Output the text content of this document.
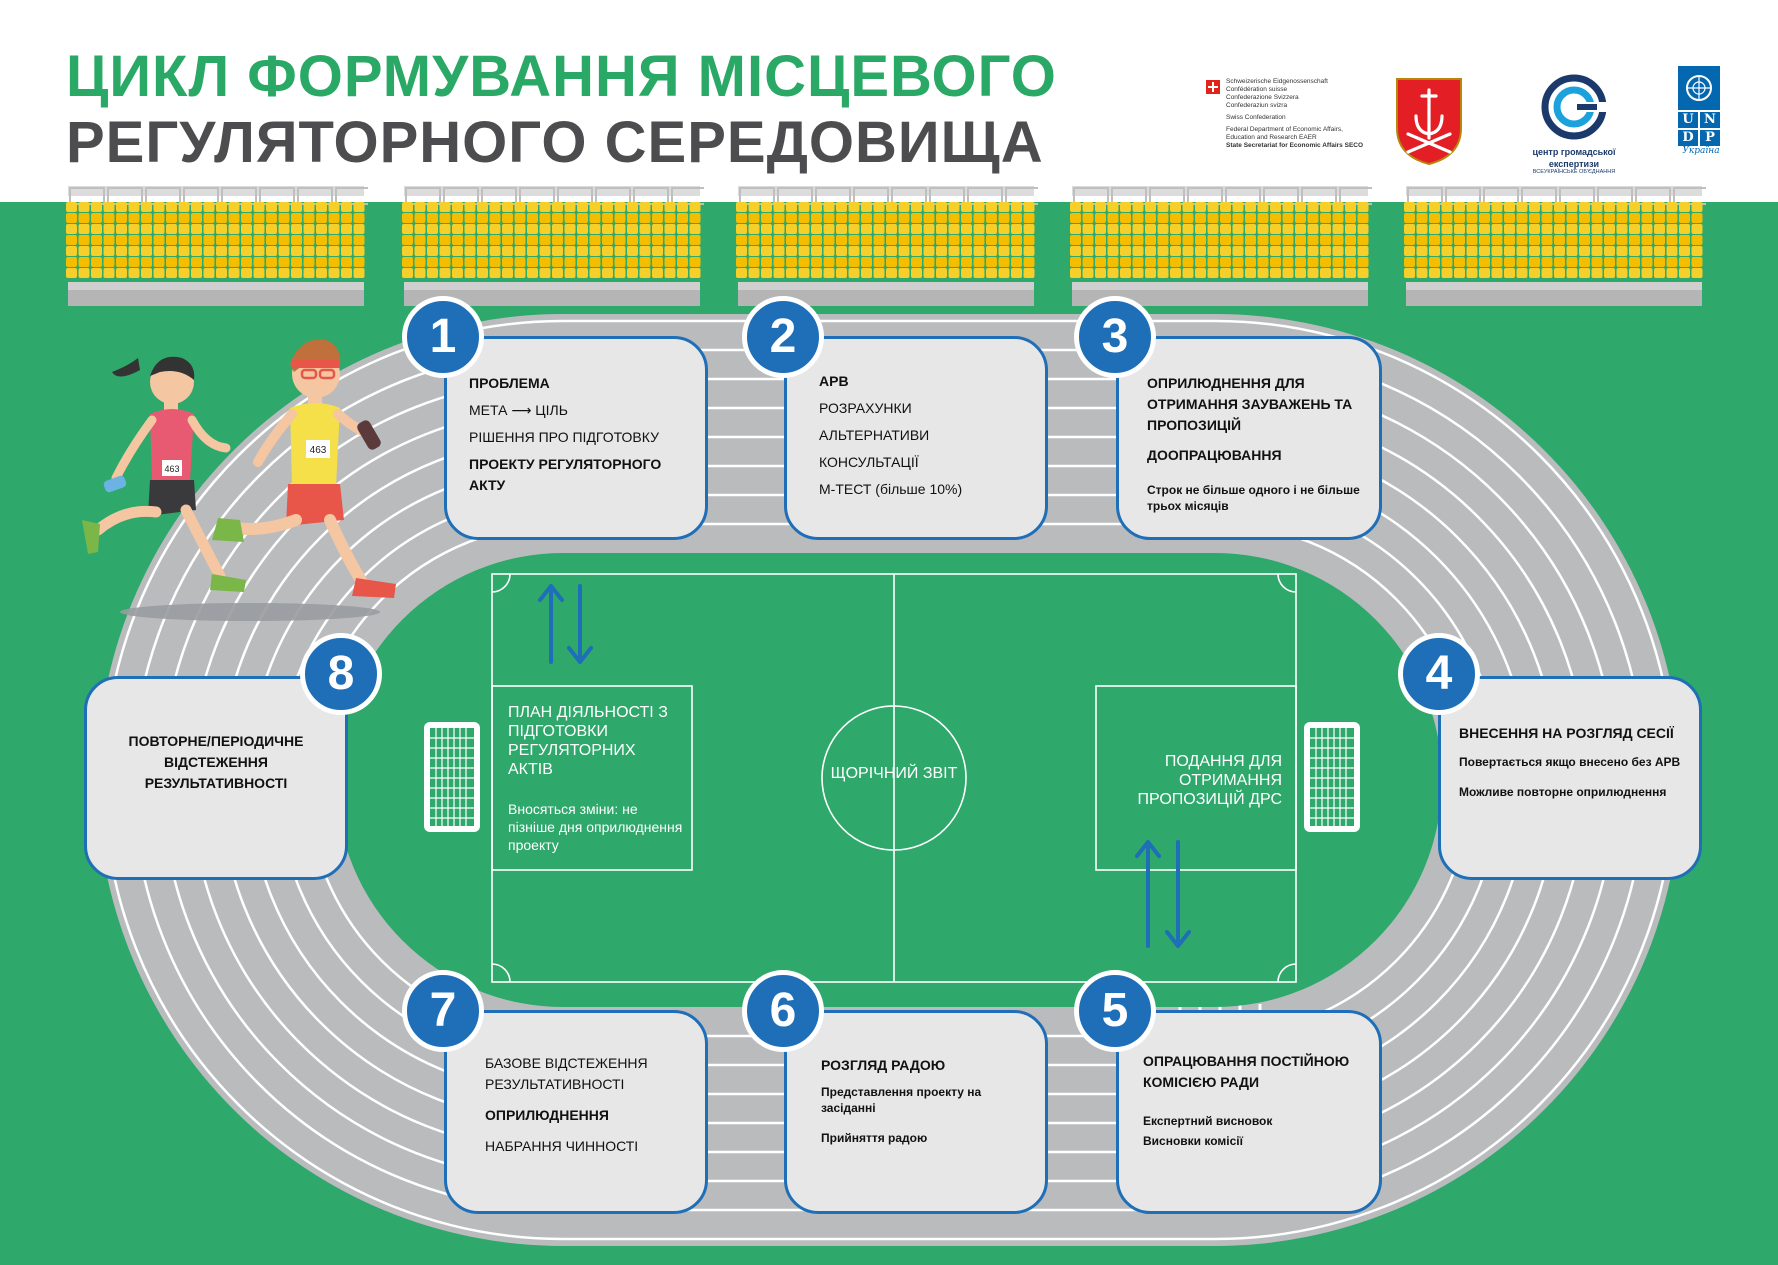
ЦИКЛ ФОРМУВАННЯ МІСЦЕВОГО
РЕГУЛЯТОРНОГО СЕРЕДОВИЩА
Schweizerische Eidgenossenschaft
Confédération suisse
Confederazione Svizzera
Confederaziun svizra
Swiss Confederation
Federal Department of Economic Affairs,
Education and Research EAER
State Secretariat for Economic Affairs SECO
центр громадської
експертизи
ВСЕУКРАЇНСЬКЕ ОБ'ЄДНАННЯ
U N
D P
Україна
463
463

ПРОБЛЕМА

МЕТА ⟶ ЦІЛЬ

РІШЕННЯ ПРО ПІДГОТОВКУ

ПРОЕКТУ РЕГУЛЯТОРНОГО АКТУ

1

АРВ

РОЗРАХУНКИ

АЛЬТЕРНАТИВИ

КОНСУЛЬТАЦІЇ

М-ТЕСТ (більше 10%)

2

ОПРИЛЮДНЕННЯ ДЛЯ ОТРИМАННЯ ЗАУВАЖЕНЬ ТА ПРОПОЗИЦІЙ

ДООПРАЦЮВАННЯ

Строк не більше одного і не більше трьох місяців

3

ВНЕСЕННЯ НА РОЗГЛЯД СЕСІЇ

Повертається якщо внесено без АРВ

Можливе повторне оприлюднення

4

ОПРАЦЮВАННЯ ПОСТІЙНОЮ КОМІСІЄЮ РАДИ

Експертний висновок

Висновки комісії

5

РОЗГЛЯД РАДОЮ

Представлення проекту на засіданні

Прийняття радою

6

БАЗОВЕ ВІДСТЕЖЕННЯ РЕЗУЛЬТАТИВНОСТІ

ОПРИЛЮДНЕННЯ

НАБРАННЯ ЧИННОСТІ

7

ПОВТОРНЕ/ПЕРІОДИЧНЕ ВІДСТЕЖЕННЯ РЕЗУЛЬТАТИВНОСТІ

8
ПЛАН ДІЯЛЬНОСТІ З ПІДГОТОВКИ РЕГУЛЯТОРНИХ АКТІВ
Вносяться зміни: не пізніше дня оприлюднення проекту
ЩОРІЧНИЙ ЗВІТ
ПОДАННЯ ДЛЯ ОТРИМАННЯ ПРОПОЗИЦІЙ ДРС
